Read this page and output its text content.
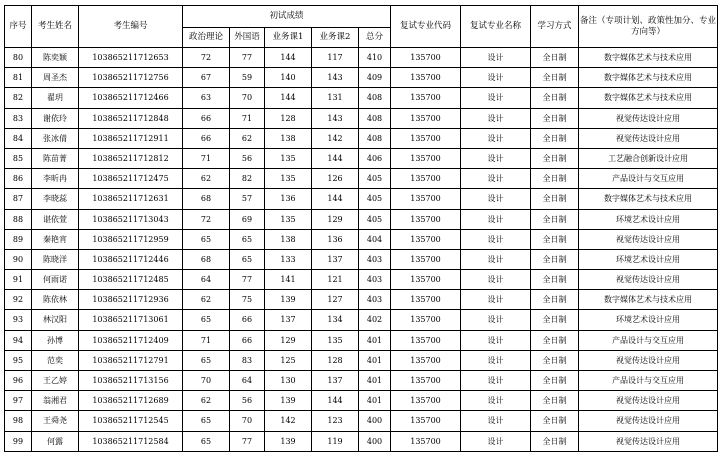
序号	考生姓名	考生编号	初试成绩					复试专业代码	复试专业名称	学习方式	备注（专项计划、政策性加分、专业方向等）
			政治理论	外国语	业务课1	业务课2	总分				
80	陈奕颖	103865211712653	72	77	144	117	410	135700	设计	全日制	数字媒体艺术与技术应用
81	周圣杰	103865211712756	67	59	140	143	409	135700	设计	全日制	数字媒体艺术与技术应用
82	翟玥	103865211712466	63	70	144	131	408	135700	设计	全日制	数字媒体艺术与技术应用
83	谢依玲	103865211712848	66	71	128	143	408	135700	设计	全日制	视觉传达设计应用
84	张冰倩	103865211712911	66	62	138	142	408	135700	设计	全日制	视觉传达设计应用
85	陈苗菁	103865211712812	71	56	135	144	406	135700	设计	全日制	工艺融合创新设计应用
86	李昕冉	103865211712475	62	82	135	126	405	135700	设计	全日制	产品设计与交互应用
87	李晓蕊	103865211712631	68	57	136	144	405	135700	设计	全日制	数字媒体艺术与技术应用
88	谌依萱	103865211713043	72	69	135	129	405	135700	设计	全日制	环境艺术设计应用
89	秦艳宵	103865211712959	65	65	138	136	404	135700	设计	全日制	视觉传达设计应用
90	陈晓洋	103865211712446	68	65	133	137	403	135700	设计	全日制	环境艺术设计应用
91	何雨诺	103865211712485	64	77	141	121	403	135700	设计	全日制	视觉传达设计应用
92	陈依林	103865211712936	62	75	139	127	403	135700	设计	全日制	数字媒体艺术与技术应用
93	林汉阳	103865211713061	65	66	137	134	402	135700	设计	全日制	环境艺术设计应用
94	孙博	103865211712409	71	66	129	135	401	135700	设计	全日制	产品设计与交互应用
95	范奕	103865211712791	65	83	125	128	401	135700	设计	全日制	视觉传达设计应用
96	王乙婷	103865211713156	70	64	130	137	401	135700	设计	全日制	产品设计与交互应用
97	翁湘君	103865211712689	62	56	139	144	401	135700	设计	全日制	视觉传达设计应用
98	王舜尧	103865211712545	65	70	142	123	400	135700	设计	全日制	视觉传达设计应用
99	何露	103865211712584	65	77	139	119	400	135700	设计	全日制	视觉传达设计应用
